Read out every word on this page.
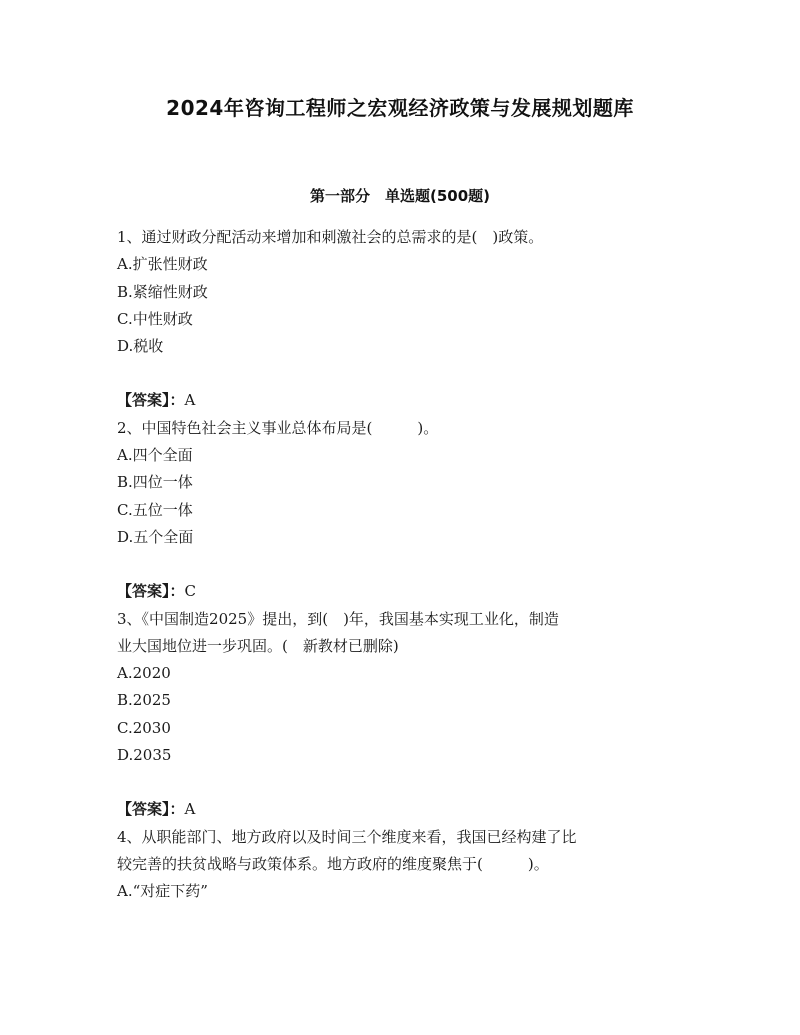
2024年咨询工程师之宏观经济政策与发展规划题库
第一部分　单选题(500题)
1、通过财政分配活动来增加和刺激社会的总需求的是(　)政策。
A.扩张性财政
B.紧缩性财政
C.中性财政
D.税收
【答案】：A
2、中国特色社会主义事业总体布局是(　　　)。
A.四个全面
B.四位一体
C.五位一体
D.五个全面
【答案】：C
3、《中国制造2025》提出，到(　)年，我国基本实现工业化，制造
业大国地位进一步巩固。(　新教材已删除)
A.2020
B.2025
C.2030
D.2035
【答案】：A
4、从职能部门、地方政府以及时间三个维度来看，我国已经构建了比
较完善的扶贫战略与政策体系。地方政府的维度聚焦于(　　　)。
A.“对症下药”
